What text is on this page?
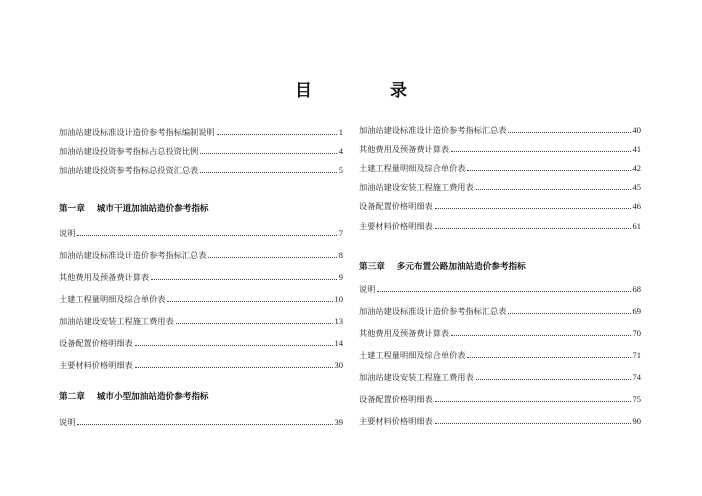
目 录
加油站建设标准设计造价参考指标编制说明	1
加油站建设投资参考指标占总投资比例	4
加油站建设投资参考指标总投资汇总表	5
第一章 城市干道加油站造价参考指标
说明	7
加油站建设标准设计造价参考指标汇总表	8
其他费用及预备费计算表	9
土建工程量明细及综合单价表	10
加油站建设安装工程施工费用表	13
设备配置价格明细表	14
主要材料价格明细表	30
第二章 城市小型加油站造价参考指标
说明	39
加油站建设标准设计造价参考指标汇总表	40
其他费用及预备费计算表	41
土建工程量明细及综合单价表	42
加油站建设安装工程施工费用表	45
设备配置价格明细表	46
主要材料价格明细表	61
第三章 多元布置公路加油站造价参考指标
说明	68
加油站建设标准设计造价参考指标汇总表	69
其他费用及预备费计算表	70
土建工程量明细及综合单价表	71
加油站建设安装工程施工费用表	74
设备配置价格明细表	75
主要材料价格明细表	90
